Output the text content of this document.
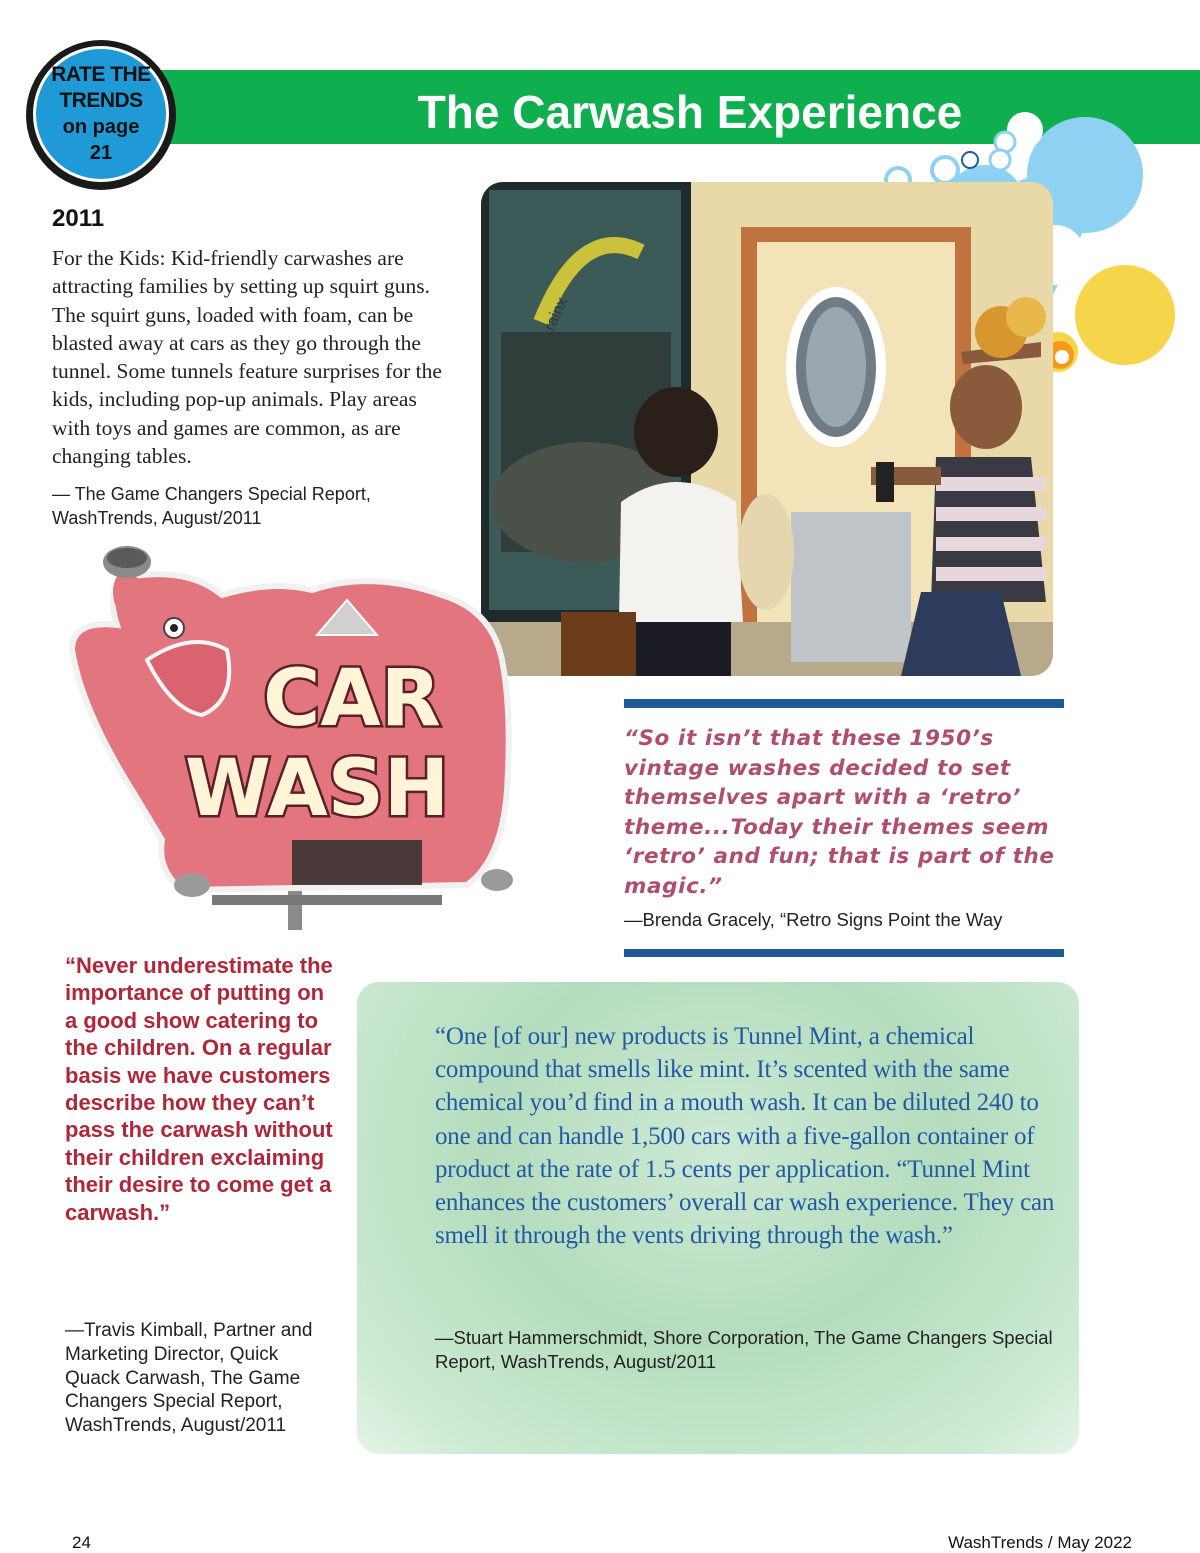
The Carwash Experience
RATE THE
TRENDS
on page
21
2011
For the Kids: Kid-friendly carwashes are attracting families by setting up squirt guns. The squirt guns, loaded with foam, can be blasted away at cars as they go through the tunnel. Some tunnels feature surprises for the kids, including pop-up animals. Play areas with toys and games are common, as are changing tables.
— The Game Changers Special Report, WashTrends, August/2011
rainx
CAR
WASH
“So it isn’t that these 1950’s vintage washes decided to set themselves apart with a ‘retro’ theme...Today their themes seem ‘retro’ and fun; that is part of the magic.”
—Brenda Gracely, “Retro Signs Point the Way
“Never underestimate the importance of putting on a good show catering to the children. On a regular basis we have customers describe how they can’t pass the carwash without their children exclaiming their desire to come get a carwash.”
—Travis Kimball, Partner and Marketing Director, Quick Quack Carwash, The Game Changers Special Report, WashTrends, August/2011
“One [of our] new products is Tunnel Mint, a chemical compound that smells like mint. It’s scented with the same chemical you’d find in a mouth wash. It can be diluted 240 to one and can handle 1,500 cars with a five-gallon container of product at the rate of 1.5 cents per application. “Tunnel Mint enhances the customers’ overall car wash experience. They can smell it through the vents driving through the wash.”
—Stuart Hammerschmidt, Shore Corporation, The Game Changers Special Report, WashTrends, August/2011
24	WashTrends / May 2022
